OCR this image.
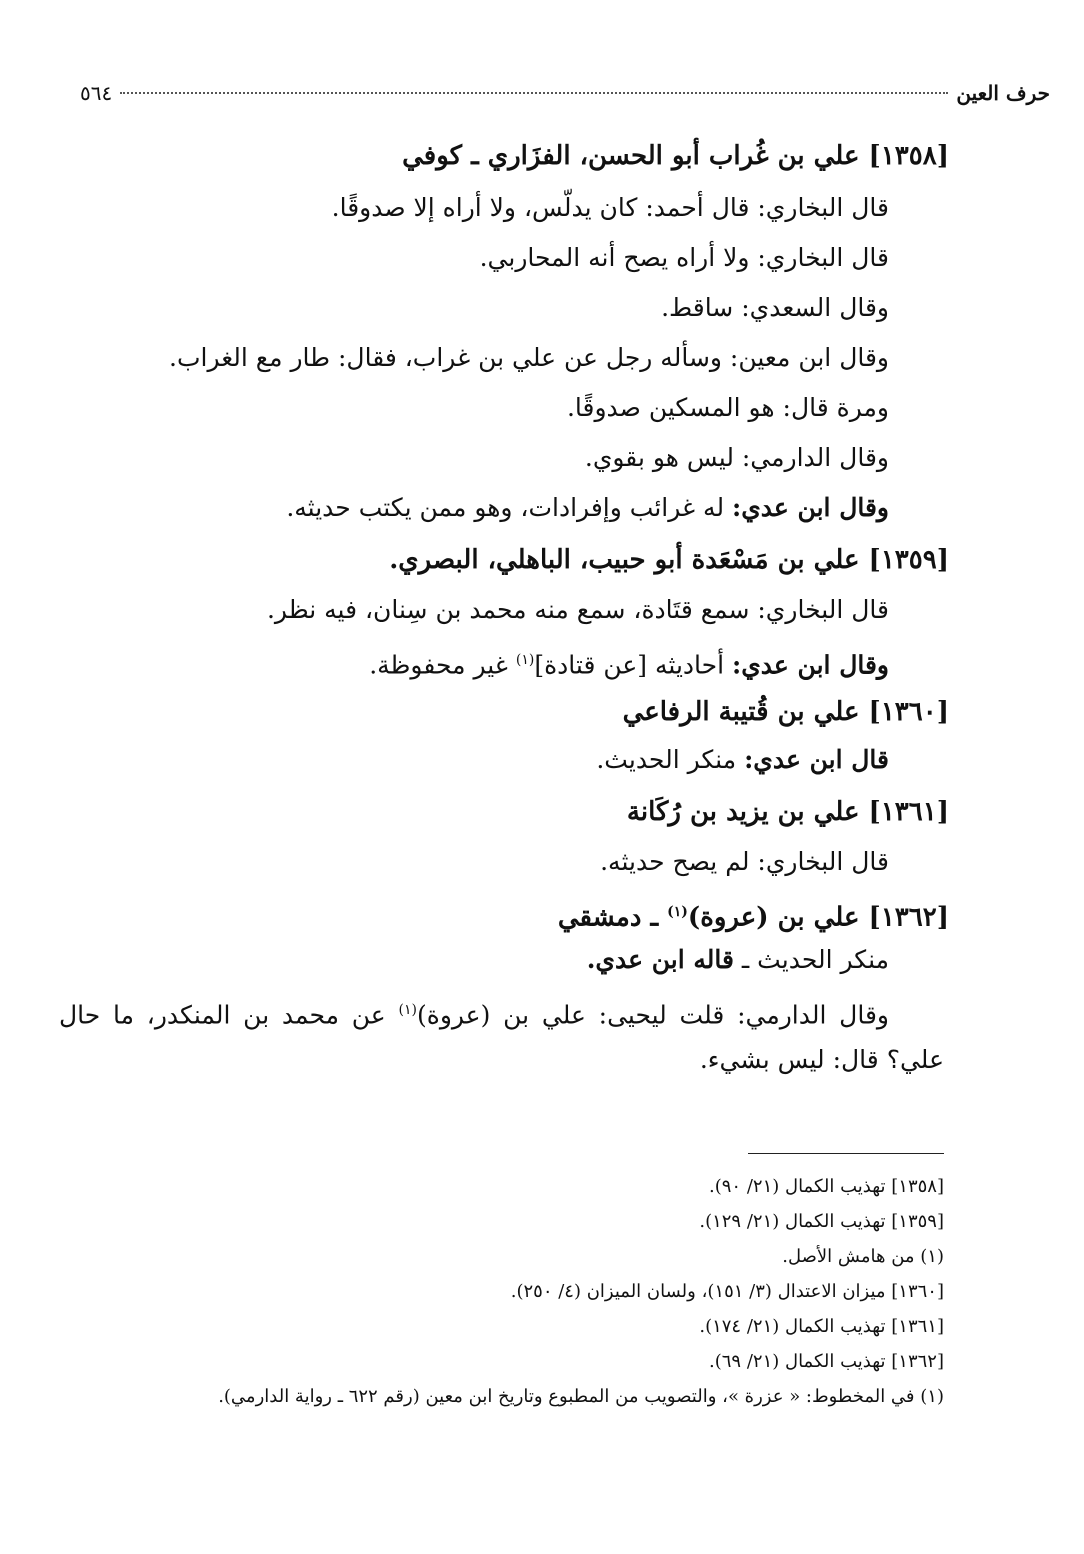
حرف العين
٥٦٤
[١٣٥٨] علي بن غُراب أبو الحسن، الفزَاري ـ كوفي
قال البخاري: قال أحمد: كان يدلّس، ولا أراه إلا صدوقًا.
قال البخاري: ولا أراه يصح أنه المحاربي.
وقال السعدي: ساقط.
وقال ابن معين: وسأله رجل عن علي بن غراب، فقال: طار مع الغراب.
ومرة قال: هو المسكين صدوقًا.
وقال الدارمي: ليس هو بقوي.
وقال ابن عدي: له غرائب وإفرادات، وهو ممن يكتب حديثه.
[١٣٥٩] علي بن مَسْعَدة أبو حبيب، الباهلي، البصري.
قال البخاري: سمع قتَادة، سمع منه محمد بن سِنان، فيه نظر.
وقال ابن عدي: أحاديثه [عن قتادة]$^{(١)}$ غير محفوظة.
[١٣٦٠] علي بن قُتيبة الرفاعي
قال ابن عدي: منكر الحديث.
[١٣٦١] علي بن يزيد بن رُكَانة
قال البخاري: لم يصح حديثه.
[١٣٦٢] علي بن (عروة)$^{(١)}$ ـ دمشقي
منكر الحديث ـ قاله ابن عدي.
وقال الدارمي: قلت ليحيى: علي بن (عروة)$^{(١)}$ عن محمد بن المنكدر، ما حال
علي؟ قال: ليس بشيء.
[١٣٥٨] تهذيب الكمال (٢١/ ٩٠).
[١٣٥٩] تهذيب الكمال (٢١/ ١٢٩).
(١) من هامش الأصل.
[١٣٦٠] ميزان الاعتدال (٣/ ١٥١)، ولسان الميزان (٤/ ٢٥٠).
[١٣٦١] تهذيب الكمال (٢١/ ١٧٤).
[١٣٦٢] تهذيب الكمال (٢١/ ٦٩).
(١) في المخطوط: « عزرة »، والتصويب من المطبوع وتاريخ ابن معين (رقم ٦٢٢ ـ رواية الدارمي).
